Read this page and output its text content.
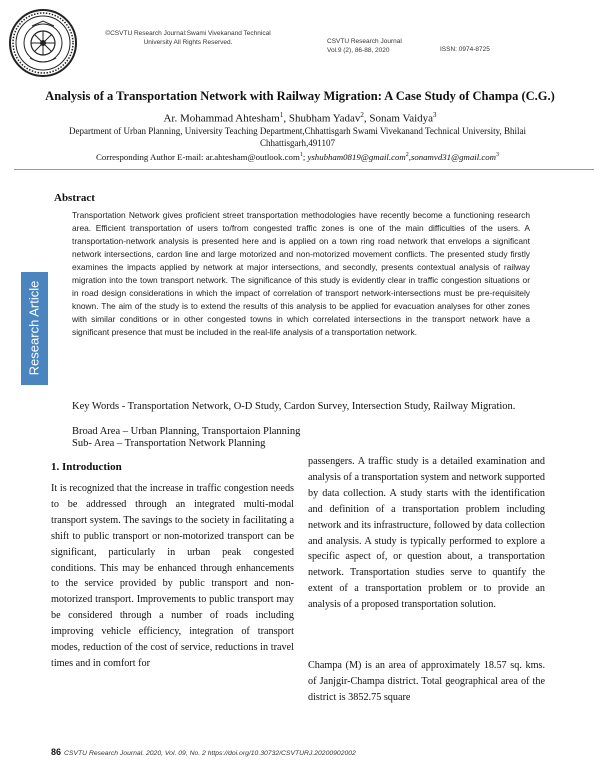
©CSVTU Research Journal:Swami Vivekanand Technical
University All Rights Reserved.	CSVTU Research Journal
Vol.9 (2), 86-88, 2020	ISSN: 0974-8725
Analysis of a Transportation Network with Railway Migration: A Case Study of Champa (C.G.)
Ar. Mohammad Ahtesham$^1$, Shubham Yadav$^2$, Sonam Vaidya$^3$
Department of Urban Planning, University Teaching Department,Chhattisgarh Swami Vivekanand Technical University, Bhilai
Chhattisgarh,491107
Corresponding Author E-mail: ar.ahtesham@outlook.com$^1$; yshubham0819@gmail.com$^2$,sonamvd31@gmail.com$^3$
Research Article
Abstract
Transportation Network gives proficient street transportation methodologies have recently become a functioning research area. Efficient transportation of users to/from congested traffic zones is one of the main difficulties of the users. A transportation-network analysis is presented here and is applied on a town ring road network that envelops a significant network intersections, cardon line and large motorized and non-motorized movement conflicts. The presented study firstly examines the impacts applied by network at major intersections, and secondly, presents contextual analysis of railway migration into the town transport network. The significance of this study is evidently clear in traffic congestion situations or in road design considerations in which the impact of correlation of transport network-intersections must be pre-requisitely known. The aim of the study is to extend the results of this analysis to be applied for evacuation analyses for other zones with similar conditions or in other congested towns in which correlated intersections in the transport network have a significant presence that must be included in the real-life analysis of a transportation network.
Key Words - Transportation Network, O-D Study, Cardon Survey, Intersection Study, Railway Migration.
Broad Area – Urban Planning, Transportaion Planning
Sub- Area – Transportation Network Planning
1. Introduction
It is recognized that the increase in traffic congestion needs to be addressed through an integrated multi-modal transport system. The savings to the society in facilitating a shift to public transport or non-motorized transport can be significant, particularly in urban peak congested conditions. This may be enhanced through enhancements to the service provided by public transport and non-motorized transport. Improvements to public transport may be considered through a number of roads including improving vehicle efficiency, integration of transport modes, reduction of the cost of service, reductions in travel times and in comfort for
passengers. A traffic study is a detailed examination and analysis of a transportation system and network supported by data collection. A study starts with the identification and definition of a transportation problem including network and its infrastructure, followed by data collection and analysis. A study is typically performed to explore a specific aspect of, or question about, a transportation network. Transportation studies serve to quantify the extent of a transportation problem or to provide an analysis of a proposed transportation solution.
Champa (M) is an area of approximately 18.57 sq. kms. of Janjgir-Champa district. Total geographical area of the district is 3852.75 square
86 CSVTU Research Journal. 2020, Vol. 09, No. 2 https://doi.org/10.30732/CSVTURJ.20200902002
